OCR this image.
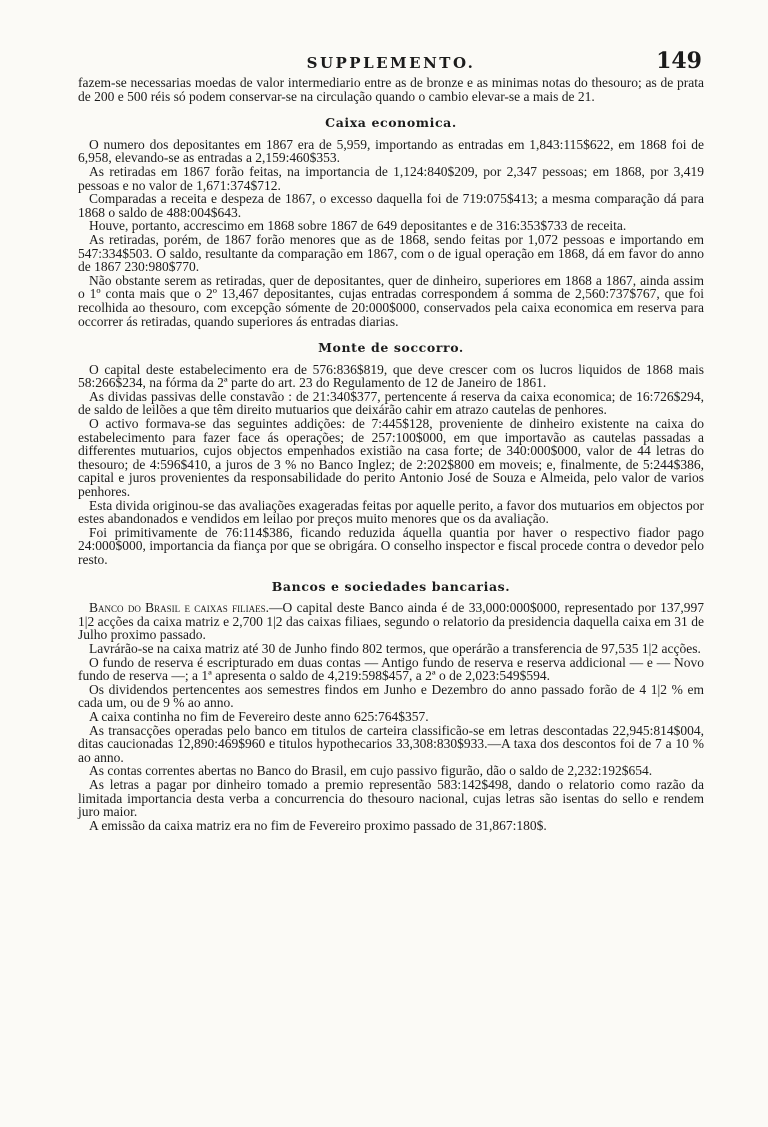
SUPPLEMENTO.	149

fazem-se necessarias moedas de valor intermediario entre as de bronze e as minimas notas do thesouro; as de prata de 200 e 500 réis só podem conservar-se na circulação quando o cambio elevar-se a mais de 21.

Caixa economica.

O numero dos depositantes em 1867 era de 5,959, importando as entradas em 1,843:115$622, em 1868 foi de 6,958, elevando-se as entradas a 2,159:460$353.

As retiradas em 1867 forão feitas, na importancia de 1,124:840$209, por 2,347 pessoas; em 1868, por 3,419 pessoas e no valor de 1,671:374$712.

Comparadas a receita e despeza de 1867, o excesso daquella foi de 719:075$413; a mesma comparação dá para 1868 o saldo de 488:004$643.

Houve, portanto, accrescimo em 1868 sobre 1867 de 649 depositantes e de 316:353$733 de receita.

As retiradas, porém, de 1867 forão menores que as de 1868, sendo feitas por 1,072 pessoas e importando em 547:334$503. O saldo, resultante da comparação em 1867, com o de igual operação em 1868, dá em favor do anno de 1867 230:980$770.

Não obstante serem as retiradas, quer de depositantes, quer de dinheiro, superiores em 1868 a 1867, ainda assim o 1º conta mais que o 2º 13,467 depositantes, cujas entradas correspondem á somma de 2,560:737$767, que foi recolhida ao thesouro, com excepção sómente de 20:000$000, conservados pela caixa economica em reserva para occorrer ás retiradas, quando superiores ás entradas diarias.

Monte de soccorro.

O capital deste estabelecimento era de 576:836$819, que deve crescer com os lucros liquidos de 1868 mais 58:266$234, na fórma da 2ª parte do art. 23 do Regulamento de 12 de Janeiro de 1861.

As dividas passivas delle constavão : de 21:340$377, pertencente á reserva da caixa economica; de 16:726$294, de saldo de leilões a que têm direito mutuarios que deixárão cahir em atrazo cautelas de penhores.

O activo formava-se das seguintes addições: de 7:445$128, proveniente de dinheiro existente na caixa do estabelecimento para fazer face ás operações; de 257:100$000, em que importavão as cautelas passadas a differentes mutuarios, cujos objectos empenhados existião na casa forte; de 340:000$000, valor de 44 letras do thesouro; de 4:596$410, a juros de 3 % no Banco Inglez; de 2:202$800 em moveis; e, finalmente, de 5:244$386, capital e juros provenientes da responsabilidade do perito Antonio José de Souza e Almeida, pelo valor de varios penhores.

Esta divida originou-se das avaliações exageradas feitas por aquelle perito, a favor dos mutuarios em objectos por estes abandonados e vendidos em leilao por preços muito menores que os da avaliação.

Foi primitivamente de 76:114$386, ficando reduzida áquella quantia por haver o respectivo fiador pago 24:000$000, importancia da fiança por que se obrigára. O conselho inspector e fiscal procede contra o devedor pelo resto.

Bancos e sociedades bancarias.

Banco do Brasil e caixas filiaes.—O capital deste Banco ainda é de 33,000:000$000, representado por 137,997 1|2 acções da caixa matriz e 2,700 1|2 das caixas filiaes, segundo o relatorio da presidencia daquella caixa em 31 de Julho proximo passado.

Lavrárão-se na caixa matriz até 30 de Junho findo 802 termos, que operárão a transferencia de 97,535 1|2 acções.

O fundo de reserva é escripturado em duas contas — Antigo fundo de reserva e reserva addicional — e — Novo fundo de reserva —; a 1ª apresenta o saldo de 4,219:598$457, a 2ª o de 2,023:549$594.

Os dividendos pertencentes aos semestres findos em Junho e Dezembro do anno passado forão de 4 1|2 % em cada um, ou de 9 % ao anno.

A caixa continha no fim de Fevereiro deste anno 625:764$357.

As transacções operadas pelo banco em titulos de carteira classificão-se em letras descontadas 22,945:814$004, ditas caucionadas 12,890:469$960 e titulos hypothecarios 33,308:830$933.—A taxa dos descontos foi de 7 a 10 % ao anno.

As contas correntes abertas no Banco do Brasil, em cujo passivo figurão, dão o saldo de 2,232:192$654.

As letras a pagar por dinheiro tomado a premio representão 583:142$498, dando o relatorio como razão da limitada importancia desta verba a concurrencia do thesouro nacional, cujas letras são isentas do sello e rendem juro maior.

A emissão da caixa matriz era no fim de Fevereiro proximo passado de 31,867:180$.
